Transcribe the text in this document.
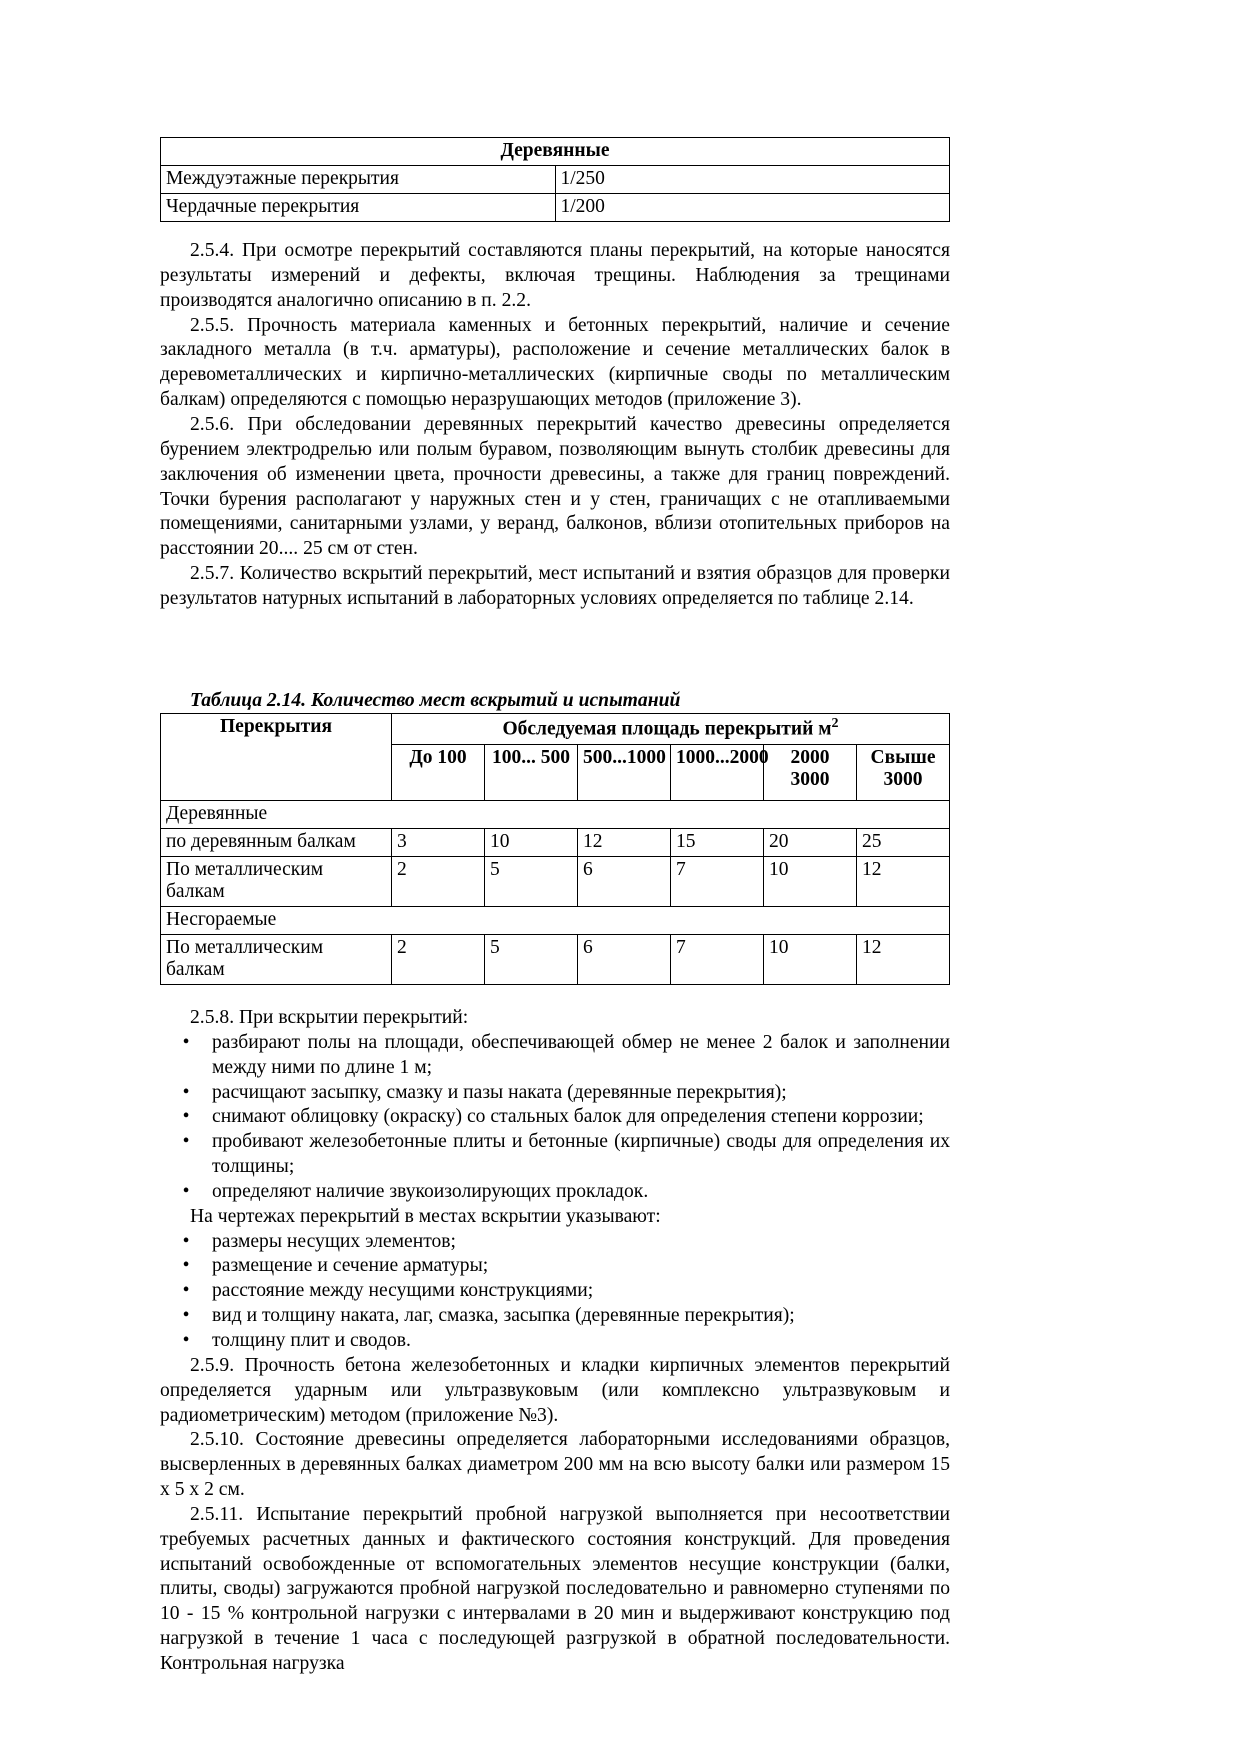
Деревянные	
Междуэтажные перекрытия	1/250
Чердачные перекрытия	1/200

2.5.4. При осмотре перекрытий составляются планы перекрытий, на которые наносятся результаты измерений и дефекты, включая трещины. Наблюдения за трещинами производятся аналогично описанию в п. 2.2.

2.5.5. Прочность материала каменных и бетонных перекрытий, наличие и сечение закладного металла (в т.ч. арматуры), расположение и сечение металлических балок в деревометаллических и кирпично-металлических (кирпичные своды по металлическим балкам) определяются с помощью неразрушающих методов (приложение 3).

2.5.6. При обследовании деревянных перекрытий качество древесины определяется бурением электродрелью или полым буравом, позволяющим вынуть столбик древесины для заключения об изменении цвета, прочности древесины, а также для границ повреждений. Точки бурения располагают у наружных стен и у стен, граничащих с не отапливаемыми помещениями, санитарными узлами, у веранд, балконов, вблизи отопительных приборов на расстоянии 20.... 25 см от стен.

2.5.7. Количество вскрытий перекрытий, мест испытаний и взятия образцов для проверки результатов натурных испытаний в лабораторных условиях определяется по таблице 2.14.

Таблица 2.14. Количество мест вскрытий и испытаний
Перекрытия	Обследуемая площадь перекрытий $м^2$
	До 100	100... 500	500...1000	1000...2000	2000 3000	Свыше 3000
Деревянные						
по деревянным балкам	3	10	12	15	20	25
По металлическим балкам	2	5	6	7	10	12
Несгораемые						
По металлическим балкам	2	5	6	7	10	12

2.5.8. При вскрытии перекрытий:

•	разбирают полы на площади, обеспечивающей обмер не менее 2 балок и заполнении между ними по длине 1 м;
•	расчищают засыпку, смазку и пазы наката (деревянные перекрытия);
•	снимают облицовку (окраску) со стальных балок для определения степени коррозии;
•	пробивают железобетонные плиты и бетонные (кирпичные) своды для определения их толщины;
•	определяют наличие звукоизолирующих прокладок.

На чертежах перекрытий в местах вскрытии указывают:

•	размеры несущих элементов;
•	размещение и сечение арматуры;
•	расстояние между несущими конструкциями;
•	вид и толщину наката, лаг, смазка, засыпка (деревянные перекрытия);
•	толщину плит и сводов.

2.5.9. Прочность бетона железобетонных и кладки кирпичных элементов перекрытий определяется ударным или ультразвуковым (или комплексно ультразвуковым и радиометрическим) методом (приложение №3).

2.5.10. Состояние древесины определяется лабораторными исследованиями образцов, высверленных в деревянных балках диаметром 200 мм на всю высоту балки или размером 15 х 5 х 2 см.

2.5.11. Испытание перекрытий пробной нагрузкой выполняется при несоответствии требуемых расчетных данных и фактического состояния конструкций. Для проведения испытаний освобожденные от вспомогательных элементов несущие конструкции (балки, плиты, своды) загружаются пробной нагрузкой последовательно и равномерно ступенями по 10 - 15 % контрольной нагрузки с интервалами в 20 мин и выдерживают конструкцию под нагрузкой в течение 1 часа с последующей разгрузкой в обратной последовательности. Контрольная нагрузка
